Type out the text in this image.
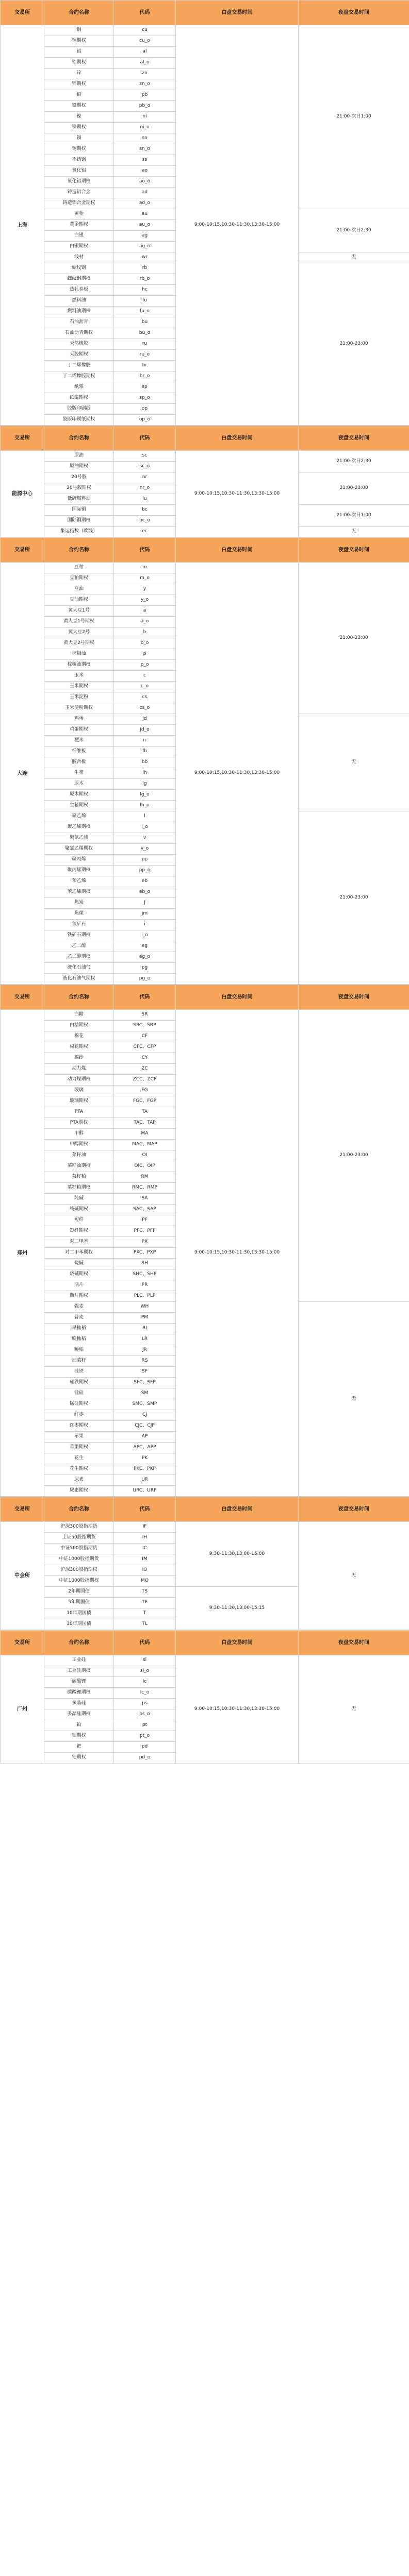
交易所	合约名称	代码	白盘交易时间	夜盘交易时间
上海	铜	cu	9:00-10:15,10:30-11:30,13:30-15:00	21:00-次日1:00
	铜期权	cu_o		
	铝	al		
	铝期权	al_o		
	锌	zn		
	锌期权	zn_o		
	铅	pb		
	铅期权	pb_o		
	镍	ni		
	镍期权	ni_o		
	锡	sn		
	锡期权	sn_o		
	不锈钢	ss		
	氧化铝	ao		
	氧化铝期权	ao_o		
	铸造铝合金	ad		
	铸造铝合金期权	ad_o		
	黄金	au		21:00-次日2:30
	黄金期权	au_o		
	白银	ag		
	白银期权	ag_o		
	线材	wr		无
	螺纹钢	rb		21:00-23:00
	螺纹钢期权	rb_o		
	热轧卷板	hc		
	燃料油	fu		
	燃料油期权	fu_o		
	石油沥青	bu		
	石油沥青期权	bu_o		
	天然橡胶	ru		
	天胶期权	ru_o		
	丁二烯橡胶	br		
	丁二烯橡胶期权	br_o		
	纸浆	sp		
	纸浆期权	sp_o		
	胶版印刷纸	op		
	胶版印刷纸期权	op_o		

交易所	合约名称	代码	白盘交易时间	夜盘交易时间
能源中心	原油	sc	9:00-10:15,10:30-11:30,13:30-15:00	21:00-次日2:30
	原油期权	sc_o		
	20号胶	nr		21:00-23:00
	20号胶期权	nr_o		
	低硫燃料油	lu		
	国际铜	bc		21:00-次日1:00
	国际铜期权	bc_o		
	集运指数（欧线）	ec		无

交易所	合约名称	代码	白盘交易时间	夜盘交易时间
大连	豆粕	m	9:00-10:15,10:30-11:30,13:30-15:00	21:00-23:00
	豆粕期权	m_o		
	豆油	y		
	豆油期权	y_o		
	黄大豆1号	a		
	黄大豆1号期权	a_o		
	黄大豆2号	b		
	黄大豆2号期权	b_o		
	棕榈油	p		
	棕榈油期权	p_o		
	玉米	c		
	玉米期权	c_o		
	玉米淀粉	cs		
	玉米淀粉期权	cs_o		
	鸡蛋	jd		无
	鸡蛋期权	jd_o		
	粳米	rr		
	纤维板	fb		
	胶合板	bb		
	生猪	lh		
	原木	lg		
	原木期权	lg_o		
	生猪期权	lh_o		
	聚乙烯	l		21:00-23:00
	聚乙烯期权	l_o		
	聚氯乙烯	v		
	聚氯乙烯期权	v_o		
	聚丙烯	pp		
	聚丙烯期权	pp_o		
	苯乙烯	eb		
	苯乙烯期权	eb_o		
	焦炭	j		
	焦煤	jm		
	铁矿石	i		
	铁矿石期权	i_o		
	乙二醇	eg		
	乙二醇期权	eg_o		
	液化石油气	pg		
	液化石油气期权	pg_o		

交易所	合约名称	代码	白盘交易时间	夜盘交易时间
郑州	白糖	SR	9:00-10:15,10:30-11:30,13:30-15:00	21:00-23:00
	白糖期权	SRC、SRP		
	棉花	CF		
	棉花期权	CFC、CFP		
	棉纱	CY		
	动力煤	ZC		
	动力煤期权	ZCC、ZCP		
	玻璃	FG		
	玻璃期权	FGC、FGP		
	PTA	TA		
	PTA期权	TAC、TAP		
	甲醇	MA		
	甲醇期权	MAC、MAP		
	菜籽油	OI		
	菜籽油期权	OIC、OIP		
	菜籽粕	RM		
	菜籽粕期权	RMC、RMP		
	纯碱	SA		
	纯碱期权	SAC、SAP		
	短纤	PF		
	短纤期权	PFC、PFP		
	对二甲苯	PX		
	对二甲苯期权	PXC、PXP		
	烧碱	SH		
	烧碱期权	SHC、SHP		
	瓶片	PR		
	瓶片期权	PLC、PLP		
	强麦	WH		无
	普麦	PM		
	早籼稻	RI		
	晚籼稻	LR		
	粳稻	JR		
	油菜籽	RS		
	硅铁	SF		
	硅铁期权	SFC、SFP		
	锰硅	SM		
	锰硅期权	SMC、SMP		
	红枣	CJ		
	红枣期权	CJC、CJP		
	苹果	AP		
	苹果期权	APC、APP		
	花生	PK		
	花生期权	PKC、PKP		
	尿素	UR		
	尿素期权	URC、URP		

交易所	合约名称	代码	白盘交易时间	夜盘交易时间
中金所	沪深300股指期货	IF	9:30-11:30,13:00-15:00	无
	上证50股指期货	IH		
	中证500股指期货	IC		
	中证1000股指期货	IM		
	沪深300股指期权	IO		
	中证1000股指期权	MO		
	2年期国债	TS	9:30-11:30,13:00-15:15	
	5年期国债	TF		
	10年期国债	T		
	30年期国债	TL		

交易所	合约名称	代码	白盘交易时间	夜盘交易时间
广州	工业硅	si	9:00-10:15,10:30-11:30,13:30-15:00	无
	工业硅期权	si_o		
	碳酸锂	lc		
	碳酸锂期权	lc_o		
	多晶硅	ps		
	多晶硅期权	ps_o		
	铂	pt		
	铂期权	pt_o		
	钯	pd		
	钯期权	pd_o		
